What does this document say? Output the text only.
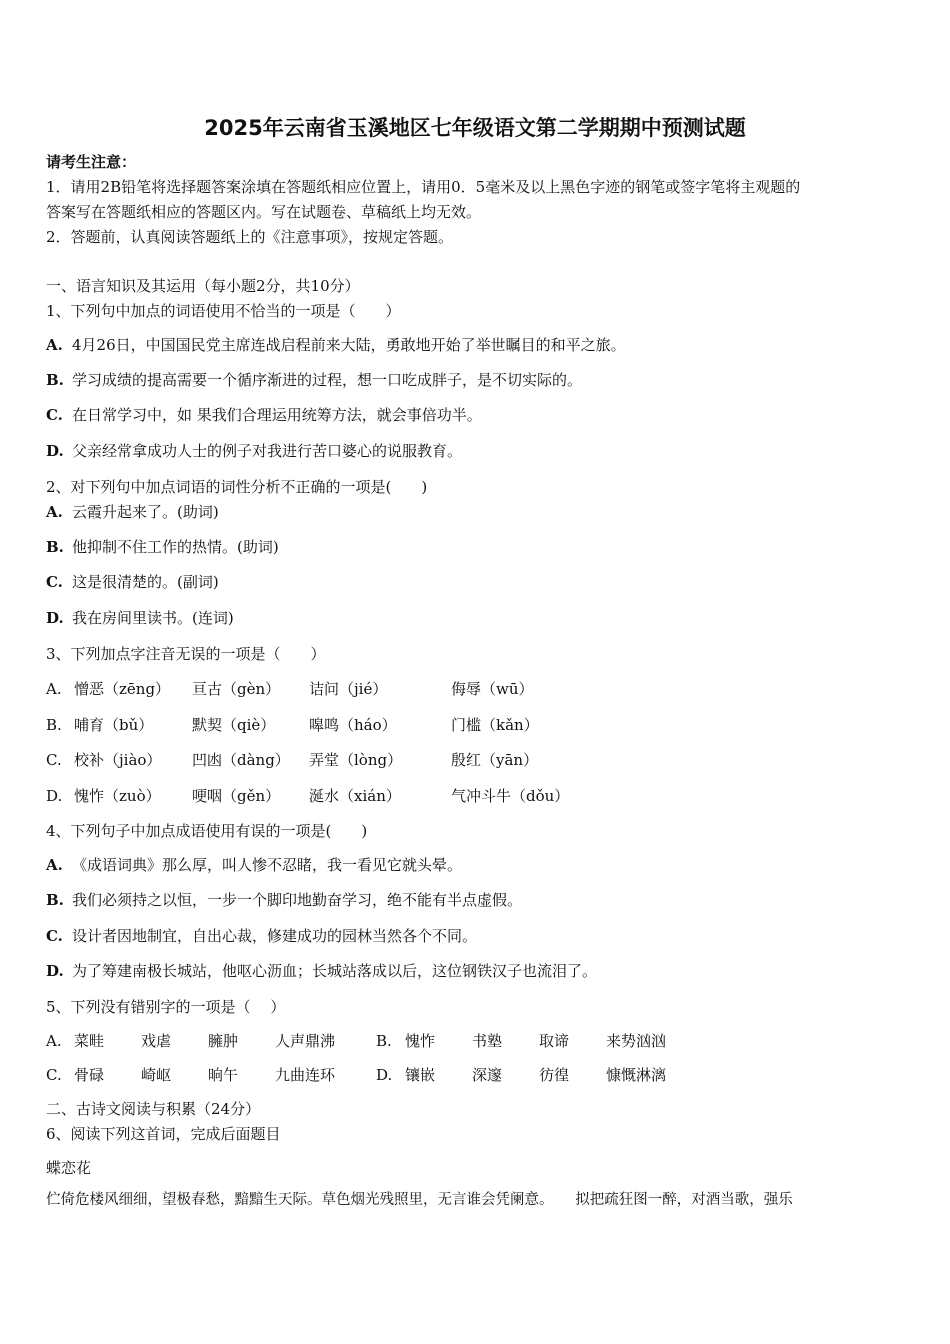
2025年云南省玉溪地区七年级语文第二学期期中预测试题
请考生注意：
1．请用2B铅笔将选择题答案涂填在答题纸相应位置上，请用0．5毫米及以上黑色字迹的钢笔或签字笔将主观题的
答案写在答题纸相应的答题区内。写在试题卷、草稿纸上均无效。
2．答题前，认真阅读答题纸上的《注意事项》，按规定答题。
一、语言知识及其运用（每小题2分，共10分）
1、下列句中加点的词语使用不恰当的一项是（　　）
A. 4月26日，中国国民党主席连战启程前来大陆，勇敢地开始了举世瞩目的和平之旅。
B. 学习成绩的提高需要一个循序渐进的过程，想一口吃成胖子，是不切实际的。
C. 在日常学习中，如 果我们合理运用统筹方法，就会事倍功半。
D. 父亲经常拿成功人士的例子对我进行苦口婆心的说服教育。
2、对下列句中加点词语的词性分析不正确的一项是(　　)
A. 云霞升起来了。(助词)
B. 他抑制不住工作的热情。(助词)
C. 这是很清楚的。(副词)
D. 我在房间里读书。(连词)
3、下列加点字注音无误的一项是（　　）
A. 憎恶（zēng） 亘古（gèn） 诘问（jié）	侮辱（wū）
B. 哺育（bǔ）	默契（qiè） 嗥鸣（háo）	门槛（kǎn）
C. 校补（jiào） 凹凼（dàng） 弄堂（lòng）	殷红（yān）
D. 愧怍（zuò） 哽咽（gěn） 涎水（xián）	气冲斗牛（dǒu）
4、下列句子中加点成语使用有误的一项是(　　)
A. 《成语词典》那么厚，叫人惨不忍睹，我一看见它就头晕。
B. 我们必须持之以恒，一步一个脚印地勤奋学习，绝不能有半点虚假。
C. 设计者因地制宜，自出心裁，修建成功的园林当然各个不同。
D. 为了筹建南极长城站，他呕心沥血；长城站落成以后，这位钢铁汉子也流泪了。
5、下列没有错别字的一项是（　 ）
A. 菜畦 戏虐 臃肿 人声鼎沸	B. 愧怍 书塾 取谛 来势汹汹
C. 骨碌 崎岖 晌午 九曲连环	D. 镶嵌 深邃 彷徨 慷慨淋漓
二、古诗文阅读与积累（24分）
6、阅读下列这首词，完成后面题目
蝶恋花
伫倚危楼风细细，望极春愁，黯黯生天际。草色烟光残照里，无言谁会凭阑意。　　拟把疏狂图一醉，对酒当歌，强乐
